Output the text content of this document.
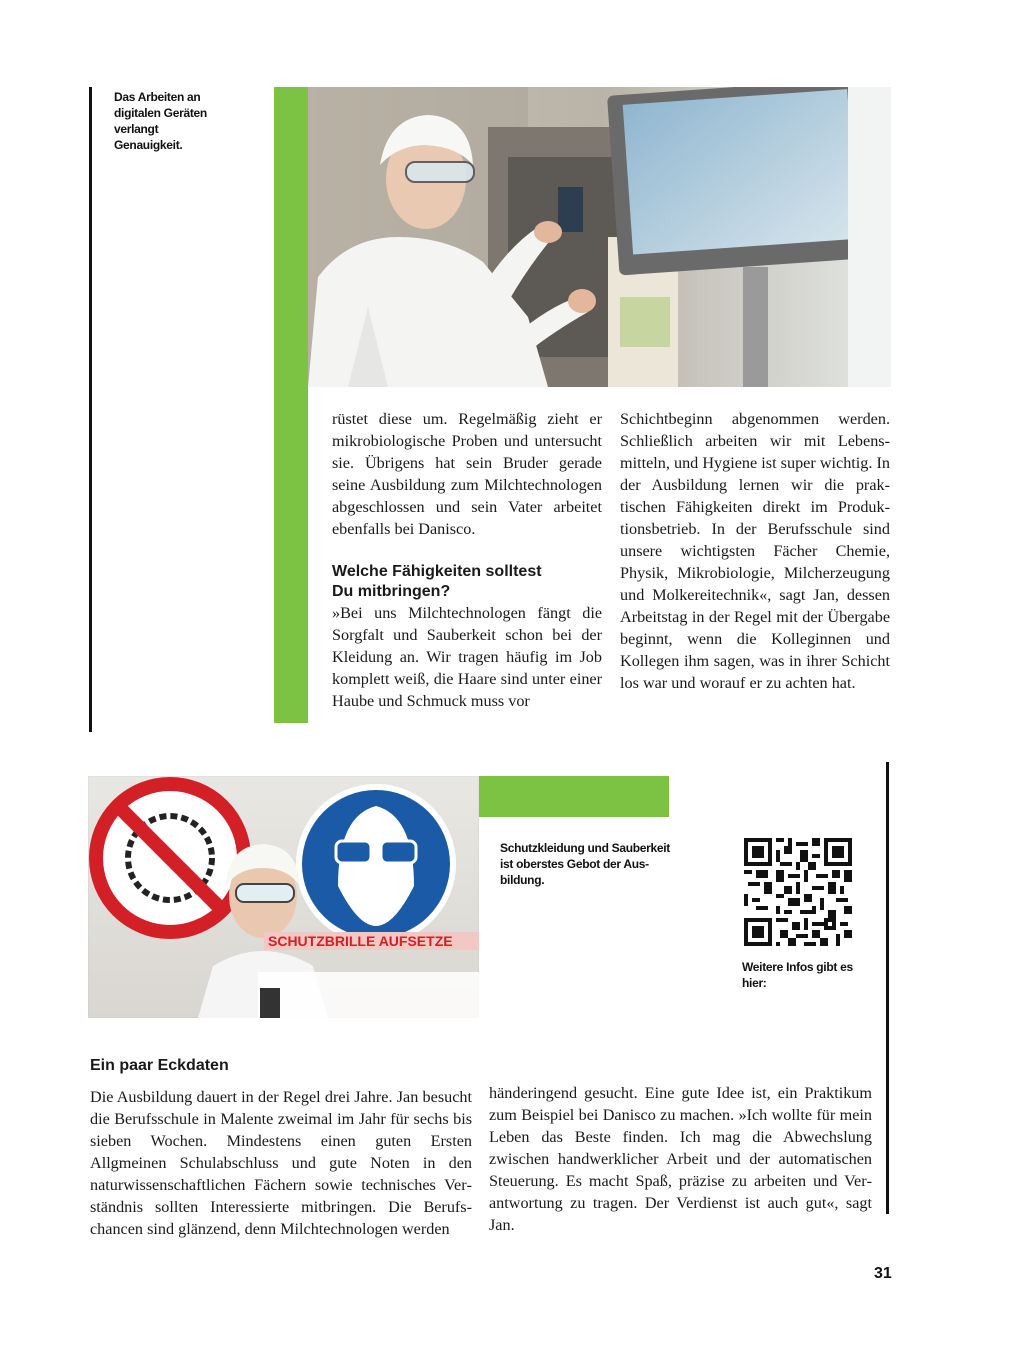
Das Arbeiten an
digitalen Geräten
verlangt
Genauigkeit.

rüstet diese um. Regelmäßig zieht er mikrobiologische Proben und untersucht sie. Übrigens hat sein Bruder gerade seine Ausbildung zum Milchtechnologen abgeschlossen und sein Vater arbeitet ebenfalls bei Danisco.

Welche Fähigkeiten solltest
Du mitbringen?

»Bei uns Milchtechnologen fängt die Sorgfalt und Sauberkeit schon bei der Kleidung an. Wir tragen häufig im Job komplett weiß, die Haare sind unter einer Haube und Schmuck muss vor

Schichtbeginn abgenommen werden. Schließlich arbeiten wir mit Lebensmitteln, und Hygiene ist super wichtig. In der Ausbildung lernen wir die praktischen Fähigkeiten direkt im Produktionsbetrieb. In der Berufsschule sind unsere wichtigsten Fächer Chemie, Physik, Mikrobiologie, Milcherzeugung und Molkereitechnik«, sagt Jan, dessen Arbeitstag in der Regel mit der Übergabe beginnt, wenn die Kolleginnen und Kollegen ihm sagen, was in ihrer Schicht los war und worauf er zu achten hat.

SCHUTZBRILLE AUFSETZE
Schutzkleidung und Sauberkeit
ist oberstes Gebot der Aus-
bildung.
Weitere Infos gibt es
hier:
Ein paar Eckdaten

Die Ausbildung dauert in der Regel drei Jahre. Jan besucht die Berufsschule in Malente zweimal im Jahr für sechs bis sieben Wochen. Mindestens einen guten Ersten Allgmeinen Schulabschluss und gute Noten in den naturwissenschaftlichen Fächern sowie technisches Verständnis sollten Interessierte mitbringen. Die Berufschancen sind glänzend, denn Milchtechnologen werden

händeringend gesucht. Eine gute Idee ist, ein Praktikum zum Beispiel bei Danisco zu machen. »Ich wollte für mein Leben das Beste finden. Ich mag die Abwechslung zwischen handwerklicher Arbeit und der automatischen Steuerung. Es macht Spaß, präzise zu arbeiten und Verantwortung zu tragen. Der Verdienst ist auch gut«, sagt Jan.

31
